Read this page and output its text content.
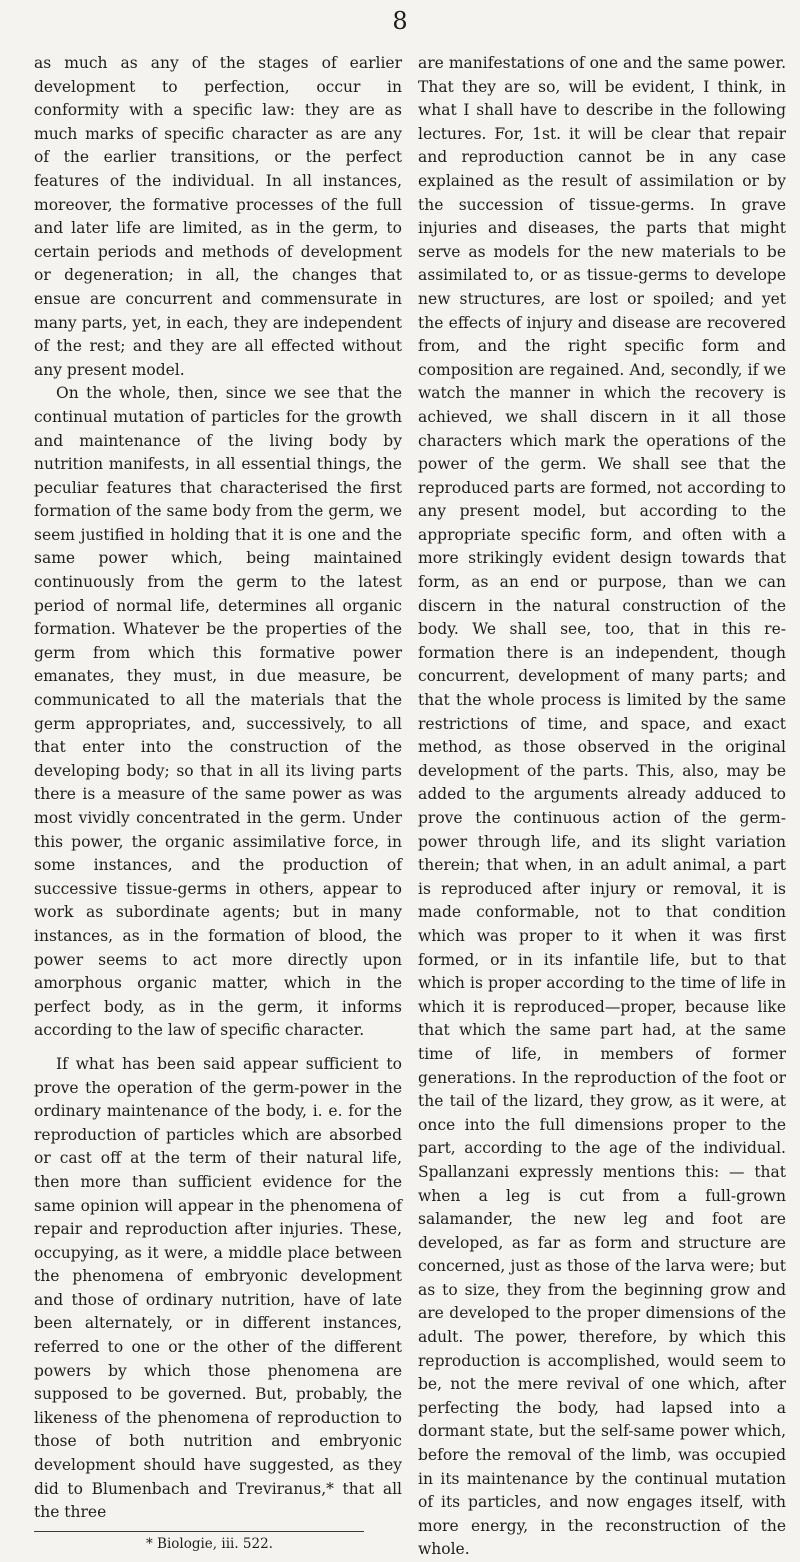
8

as much as any of the stages of earlier development to perfection, occur in conformity with a specific law: they are as much marks of specific character as are any of the earlier transitions, or the perfect features of the individual. In all instances, moreover, the formative processes of the full and later life are limited, as in the germ, to certain periods and methods of development or degeneration; in all, the changes that ensue are concurrent and commensurate in many parts, yet, in each, they are independent of the rest; and they are all effected without any present model.

On the whole, then, since we see that the continual mutation of particles for the growth and maintenance of the living body by nutrition manifests, in all essential things, the peculiar features that characterised the first formation of the same body from the germ, we seem justified in holding that it is one and the same power which, being maintained continuously from the germ to the latest period of normal life, determines all organic formation. Whatever be the properties of the germ from which this formative power emanates, they must, in due measure, be communicated to all the materials that the germ appropriates, and, successively, to all that enter into the construction of the developing body; so that in all its living parts there is a measure of the same power as was most vividly concentrated in the germ. Under this power, the organic assimilative force, in some instances, and the production of successive tissue-germs in others, appear to work as subordinate agents; but in many instances, as in the formation of blood, the power seems to act more directly upon amorphous organic matter, which in the perfect body, as in the germ, it informs according to the law of specific character.

If what has been said appear sufficient to prove the operation of the germ-power in the ordinary maintenance of the body, i. e. for the reproduction of particles which are absorbed or cast off at the term of their natural life, then more than sufficient evidence for the same opinion will appear in the phenomena of repair and reproduction after injuries. These, occupying, as it were, a middle place between the phenomena of embryonic development and those of ordinary nutrition, have of late been alternately, or in different instances, referred to one or the other of the different powers by which those phenomena are supposed to be governed. But, probably, the likeness of the phenomena of reproduction to those of both nutrition and embryonic development should have suggested, as they did to Blumenbach and Treviranus,* that all the three

* Biologie, iii. 522.

are manifestations of one and the same power. That they are so, will be evident, I think, in what I shall have to describe in the following lectures. For, 1st. it will be clear that repair and reproduction cannot be in any case explained as the result of assimilation or by the succession of tissue-germs. In grave injuries and diseases, the parts that might serve as models for the new materials to be assimilated to, or as tissue-germs to develope new structures, are lost or spoiled; and yet the effects of injury and disease are recovered from, and the right specific form and composition are regained. And, secondly, if we watch the manner in which the recovery is achieved, we shall discern in it all those characters which mark the operations of the power of the germ. We shall see that the reproduced parts are formed, not according to any present model, but according to the appropriate specific form, and often with a more strikingly evident design towards that form, as an end or purpose, than we can discern in the natural construction of the body. We shall see, too, that in this re-formation there is an independent, though concurrent, development of many parts; and that the whole process is limited by the same restrictions of time, and space, and exact method, as those observed in the original development of the parts. This, also, may be added to the arguments already adduced to prove the continuous action of the germ-power through life, and its slight variation therein; that when, in an adult animal, a part is reproduced after injury or removal, it is made conformable, not to that condition which was proper to it when it was first formed, or in its infantile life, but to that which is proper according to the time of life in which it is reproduced—proper, because like that which the same part had, at the same time of life, in members of former generations. In the reproduction of the foot or the tail of the lizard, they grow, as it were, at once into the full dimensions proper to the part, according to the age of the individual. Spallanzani expressly mentions this: — that when a leg is cut from a full-grown salamander, the new leg and foot are developed, as far as form and structure are concerned, just as those of the larva were; but as to size, they from the beginning grow and are developed to the proper dimensions of the adult. The power, therefore, by which this reproduction is accomplished, would seem to be, not the mere revival of one which, after perfecting the body, had lapsed into a dormant state, but the self-same power which, before the removal of the limb, was occupied in its maintenance by the continual mutation of its particles, and now engages itself, with more energy, in the reconstruction of the whole.
